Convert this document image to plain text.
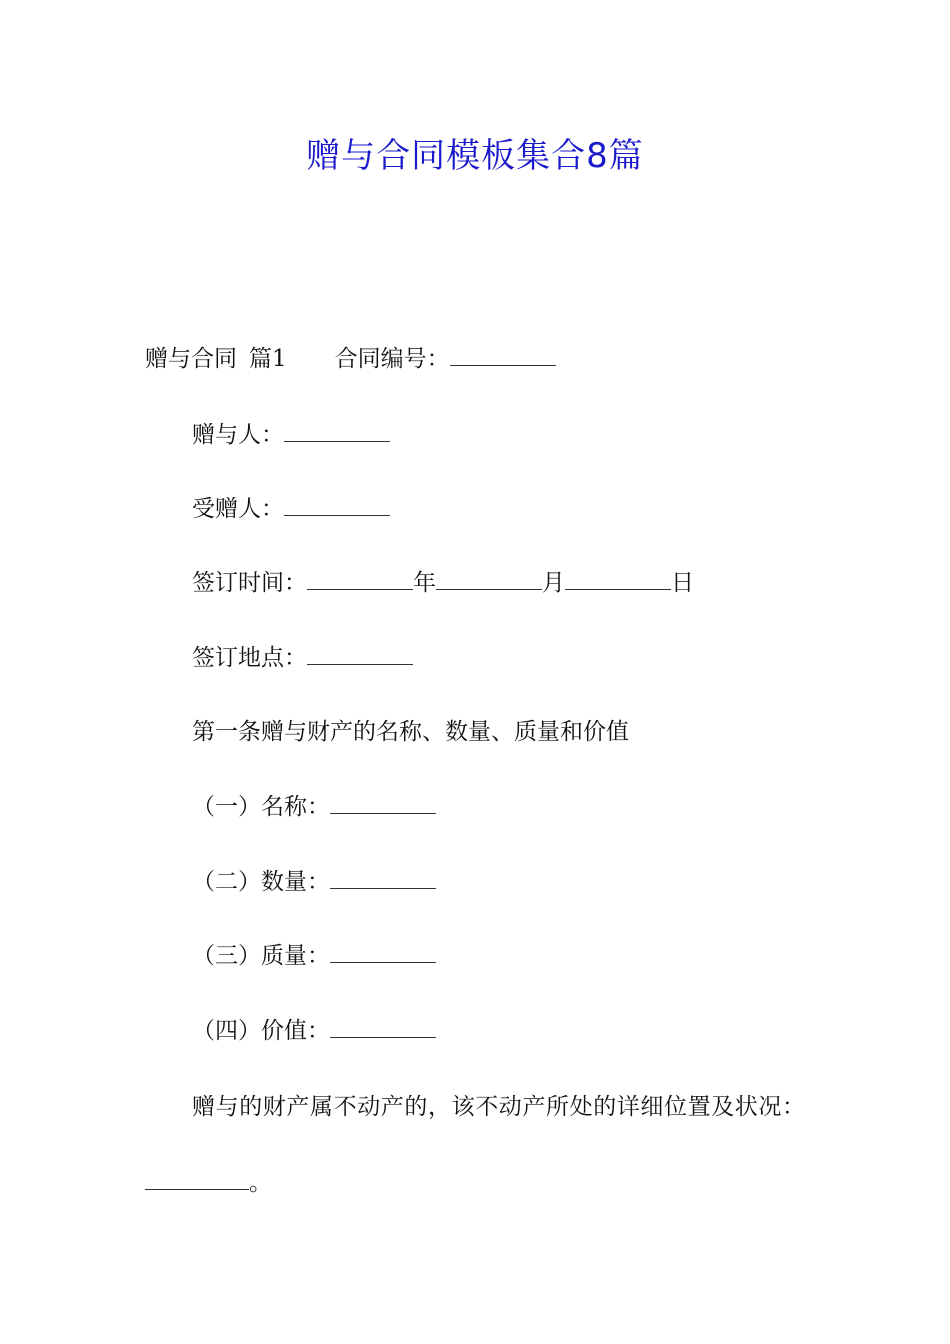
赠与合同模板集合8篇

赠与合同 篇1 合同编号：

赠与人：

受赠人：

签订时间：	年	月	日

签订地点：

第一条赠与财产的名称、数量、质量和价值

（一）名称：

（二）数量：

（三）质量：

（四）价值：

赠与的财产属不动产的，该不动产所处的详细位置及状况：

。
